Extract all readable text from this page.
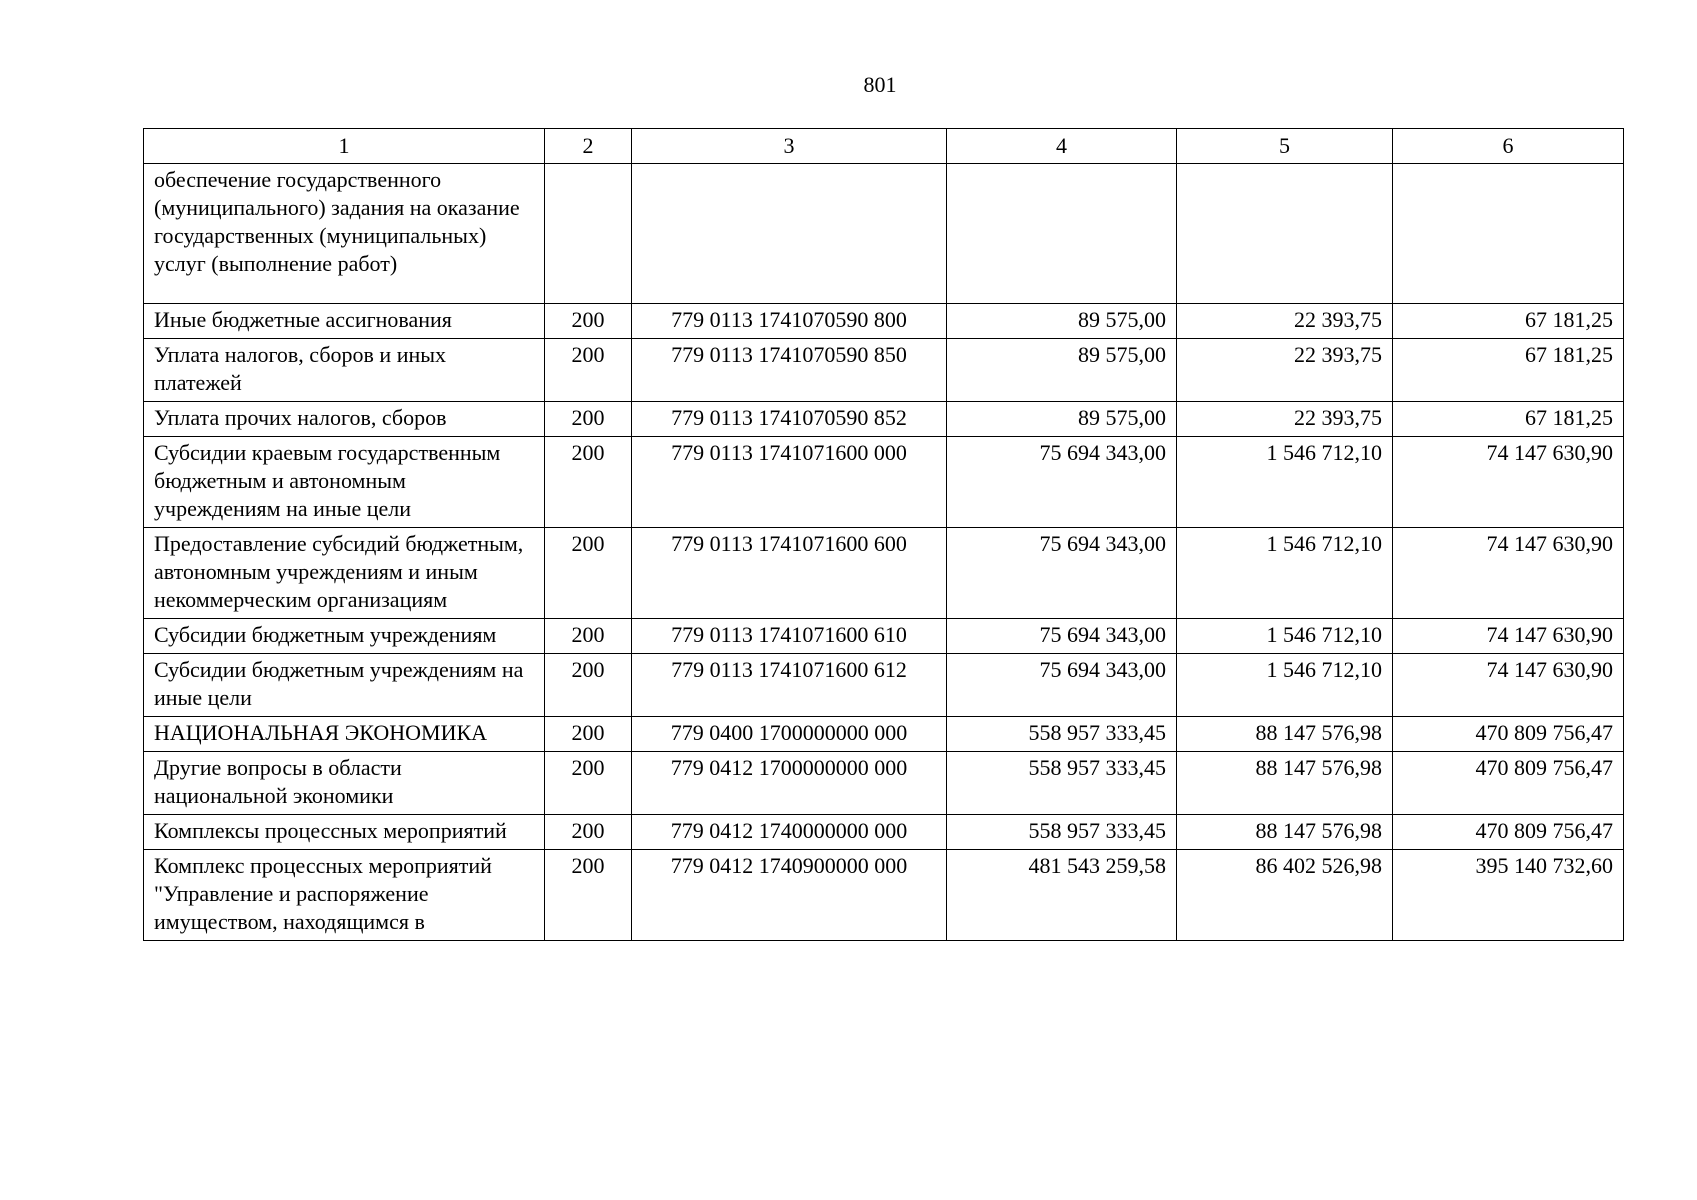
801
1	2	3	4	5	6
обеспечение государственного (муниципального) задания на оказание государственных (муниципальных) услуг (выполнение работ)					
Иные бюджетные ассигнования	200	779 0113 1741070590 800	89 575,00	22 393,75	67 181,25
Уплата налогов, сборов и иных платежей	200	779 0113 1741070590 850	89 575,00	22 393,75	67 181,25
Уплата прочих налогов, сборов	200	779 0113 1741070590 852	89 575,00	22 393,75	67 181,25
Субсидии краевым государственным бюджетным и автономным учреждениям на иные цели	200	779 0113 1741071600 000	75 694 343,00	1 546 712,10	74 147 630,90
Предоставление субсидий бюджетным, автономным учреждениям и иным некоммерческим организациям	200	779 0113 1741071600 600	75 694 343,00	1 546 712,10	74 147 630,90
Субсидии бюджетным учреждениям	200	779 0113 1741071600 610	75 694 343,00	1 546 712,10	74 147 630,90
Субсидии бюджетным учреждениям на иные цели	200	779 0113 1741071600 612	75 694 343,00	1 546 712,10	74 147 630,90
НАЦИОНАЛЬНАЯ ЭКОНОМИКА	200	779 0400 1700000000 000	558 957 333,45	88 147 576,98	470 809 756,47
Другие вопросы в области национальной экономики	200	779 0412 1700000000 000	558 957 333,45	88 147 576,98	470 809 756,47
Комплексы процессных мероприятий	200	779 0412 1740000000 000	558 957 333,45	88 147 576,98	470 809 756,47
Комплекс процессных мероприятий "Управление и распоряжение имуществом, находящимся в	200	779 0412 1740900000 000	481 543 259,58	86 402 526,98	395 140 732,60
